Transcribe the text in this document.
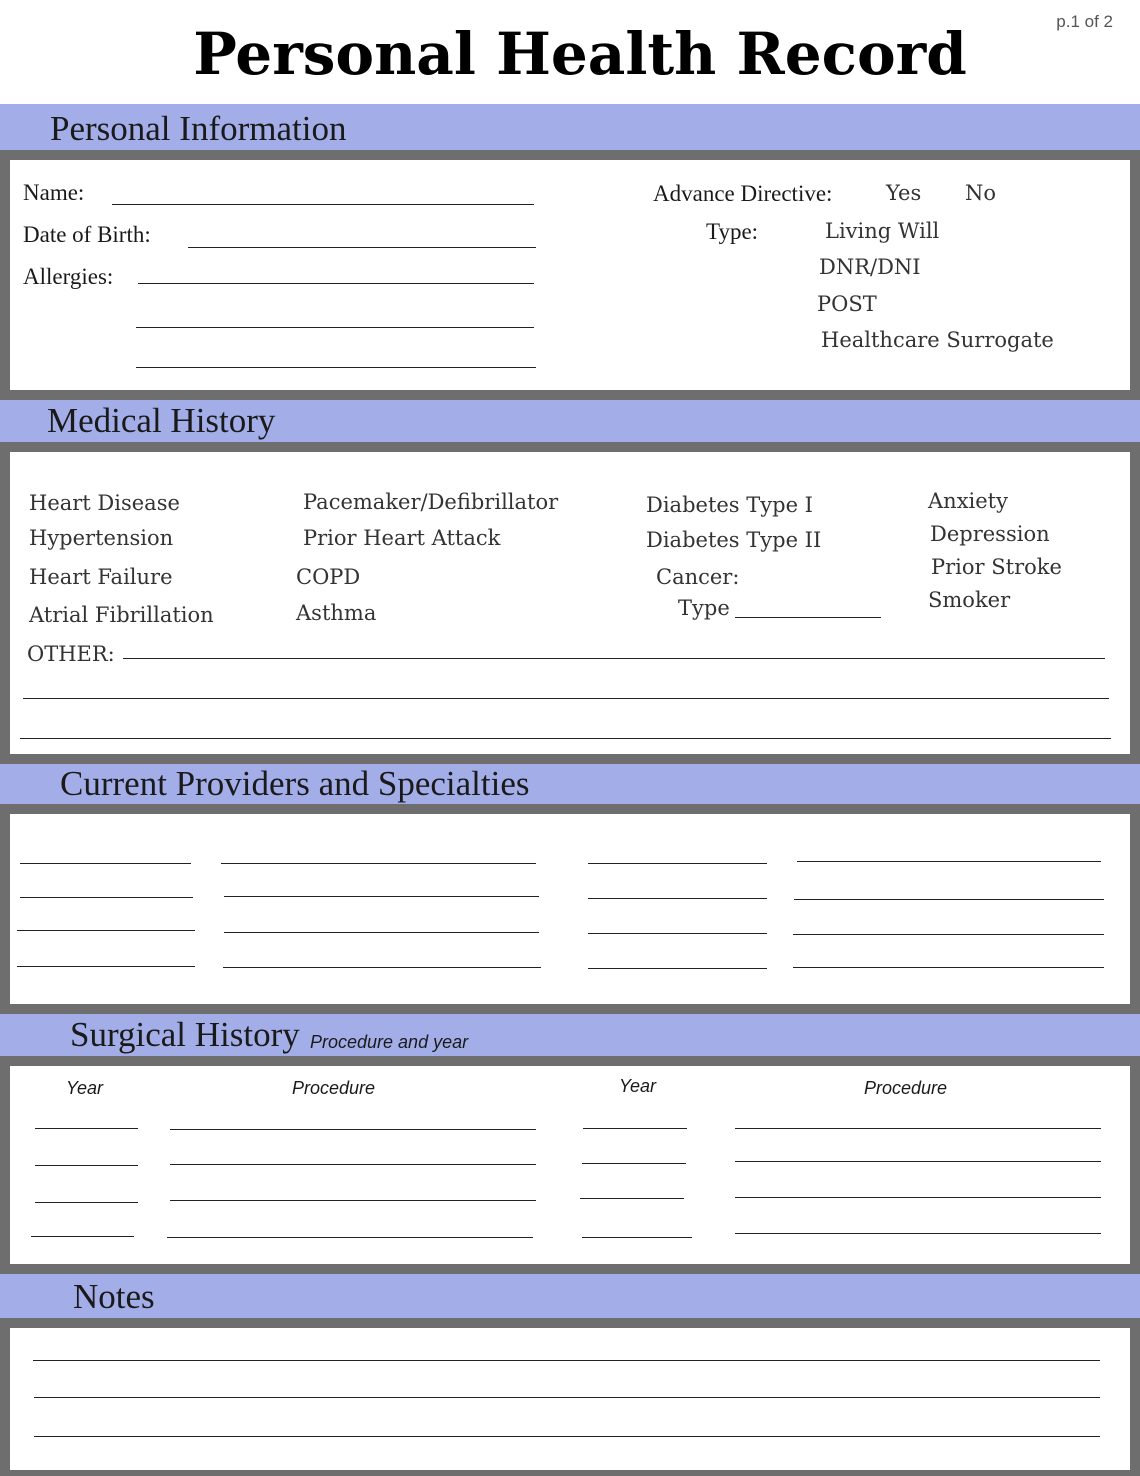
p.1 of 2
Personal Health Record
Personal Information
Name:
Date of Birth:
Allergies:
Advance Directive:	Yes No
Type:	Living Will
DNR/DNI
POST
Healthcare Surrogate
Medical History
Heart Disease
Hypertension
Heart Failure
Atrial Fibrillation
Pacemaker/Defibrillator
Prior Heart Attack
COPD
Asthma
Diabetes Type I
Diabetes Type II
Cancer:
Type
Anxiety
Depression
Prior Stroke
Smoker
OTHER:
Current Providers and Specialties
Surgical History Procedure and year
Year	Procedure	Year	Procedure
Notes
